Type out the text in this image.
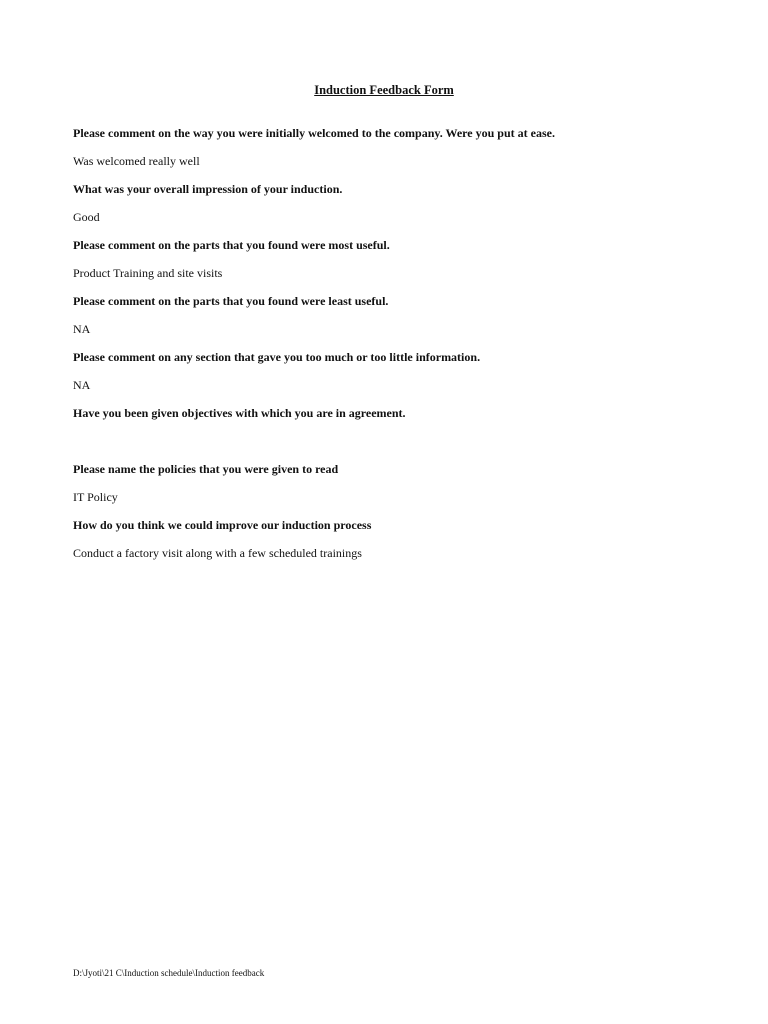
Induction Feedback Form
Please comment on the way you were initially welcomed to the company. Were you put at ease.
Was welcomed really well
What was your overall impression of your induction.
Good
Please comment on the parts that you found were most useful.
Product Training and site visits
Please comment on the parts that you found were least useful.
NA
Please comment on any section that gave you too much or too little information.
NA
Have you been given objectives with which you are in agreement.
Please name the policies that you were given to read
IT Policy
How do you think we could improve our induction process
Conduct a factory visit along with a few scheduled trainings
D:\Jyoti\21 C\Induction schedule\Induction feedback
